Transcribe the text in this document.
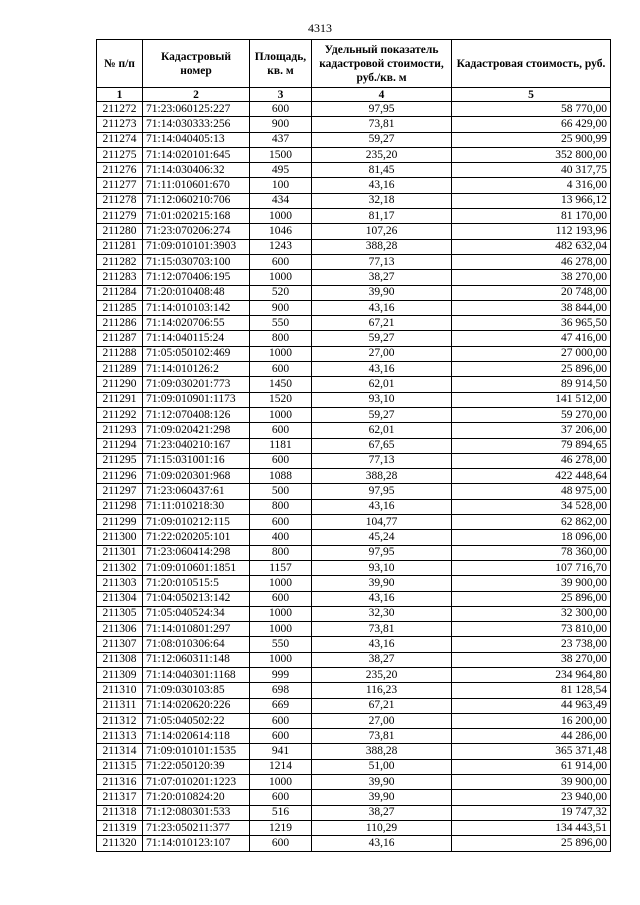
4313
№ п/п	Кадастровый номер	Площадь, кв. м	Удельный показатель кадастровой стоимости, руб./кв. м	Кадастровая стоимость, руб.
1	2	3	4	5
211272	71:23:060125:227	600	97,95	58 770,00
211273	71:14:030333:256	900	73,81	66 429,00
211274	71:14:040405:13	437	59,27	25 900,99
211275	71:14:020101:645	1500	235,20	352 800,00
211276	71:14:030406:32	495	81,45	40 317,75
211277	71:11:010601:670	100	43,16	4 316,00
211278	71:12:060210:706	434	32,18	13 966,12
211279	71:01:020215:168	1000	81,17	81 170,00
211280	71:23:070206:274	1046	107,26	112 193,96
211281	71:09:010101:3903	1243	388,28	482 632,04
211282	71:15:030703:100	600	77,13	46 278,00
211283	71:12:070406:195	1000	38,27	38 270,00
211284	71:20:010408:48	520	39,90	20 748,00
211285	71:14:010103:142	900	43,16	38 844,00
211286	71:14:020706:55	550	67,21	36 965,50
211287	71:14:040115:24	800	59,27	47 416,00
211288	71:05:050102:469	1000	27,00	27 000,00
211289	71:14:010126:2	600	43,16	25 896,00
211290	71:09:030201:773	1450	62,01	89 914,50
211291	71:09:010901:1173	1520	93,10	141 512,00
211292	71:12:070408:126	1000	59,27	59 270,00
211293	71:09:020421:298	600	62,01	37 206,00
211294	71:23:040210:167	1181	67,65	79 894,65
211295	71:15:031001:16	600	77,13	46 278,00
211296	71:09:020301:968	1088	388,28	422 448,64
211297	71:23:060437:61	500	97,95	48 975,00
211298	71:11:010218:30	800	43,16	34 528,00
211299	71:09:010212:115	600	104,77	62 862,00
211300	71:22:020205:101	400	45,24	18 096,00
211301	71:23:060414:298	800	97,95	78 360,00
211302	71:09:010601:1851	1157	93,10	107 716,70
211303	71:20:010515:5	1000	39,90	39 900,00
211304	71:04:050213:142	600	43,16	25 896,00
211305	71:05:040524:34	1000	32,30	32 300,00
211306	71:14:010801:297	1000	73,81	73 810,00
211307	71:08:010306:64	550	43,16	23 738,00
211308	71:12:060311:148	1000	38,27	38 270,00
211309	71:14:040301:1168	999	235,20	234 964,80
211310	71:09:030103:85	698	116,23	81 128,54
211311	71:14:020620:226	669	67,21	44 963,49
211312	71:05:040502:22	600	27,00	16 200,00
211313	71:14:020614:118	600	73,81	44 286,00
211314	71:09:010101:1535	941	388,28	365 371,48
211315	71:22:050120:39	1214	51,00	61 914,00
211316	71:07:010201:1223	1000	39,90	39 900,00
211317	71:20:010824:20	600	39,90	23 940,00
211318	71:12:080301:533	516	38,27	19 747,32
211319	71:23:050211:377	1219	110,29	134 443,51
211320	71:14:010123:107	600	43,16	25 896,00
